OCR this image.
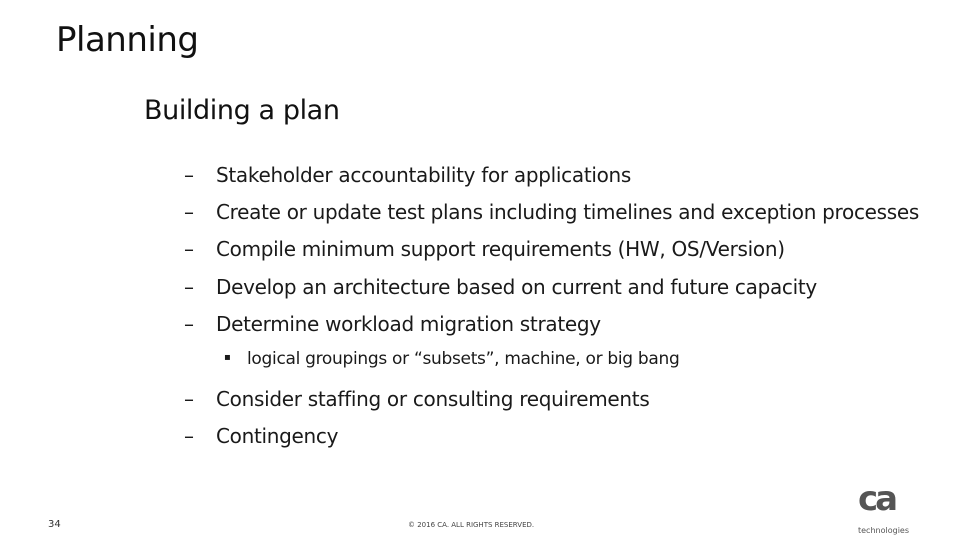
Planning
Building a plan
– Stakeholder accountability for applications
– Create or update test plans including timelines and exception processes
– Compile minimum support requirements (HW, OS/Version)
– Develop an architecture based on current and future capacity
– Determine workload migration strategy
▪ logical groupings or “subsets”, machine, or big bang
– Consider staffing or consulting requirements
– Contingency
34	© 2016 CA. ALL RIGHTS RESERVED.
ca
technologies
